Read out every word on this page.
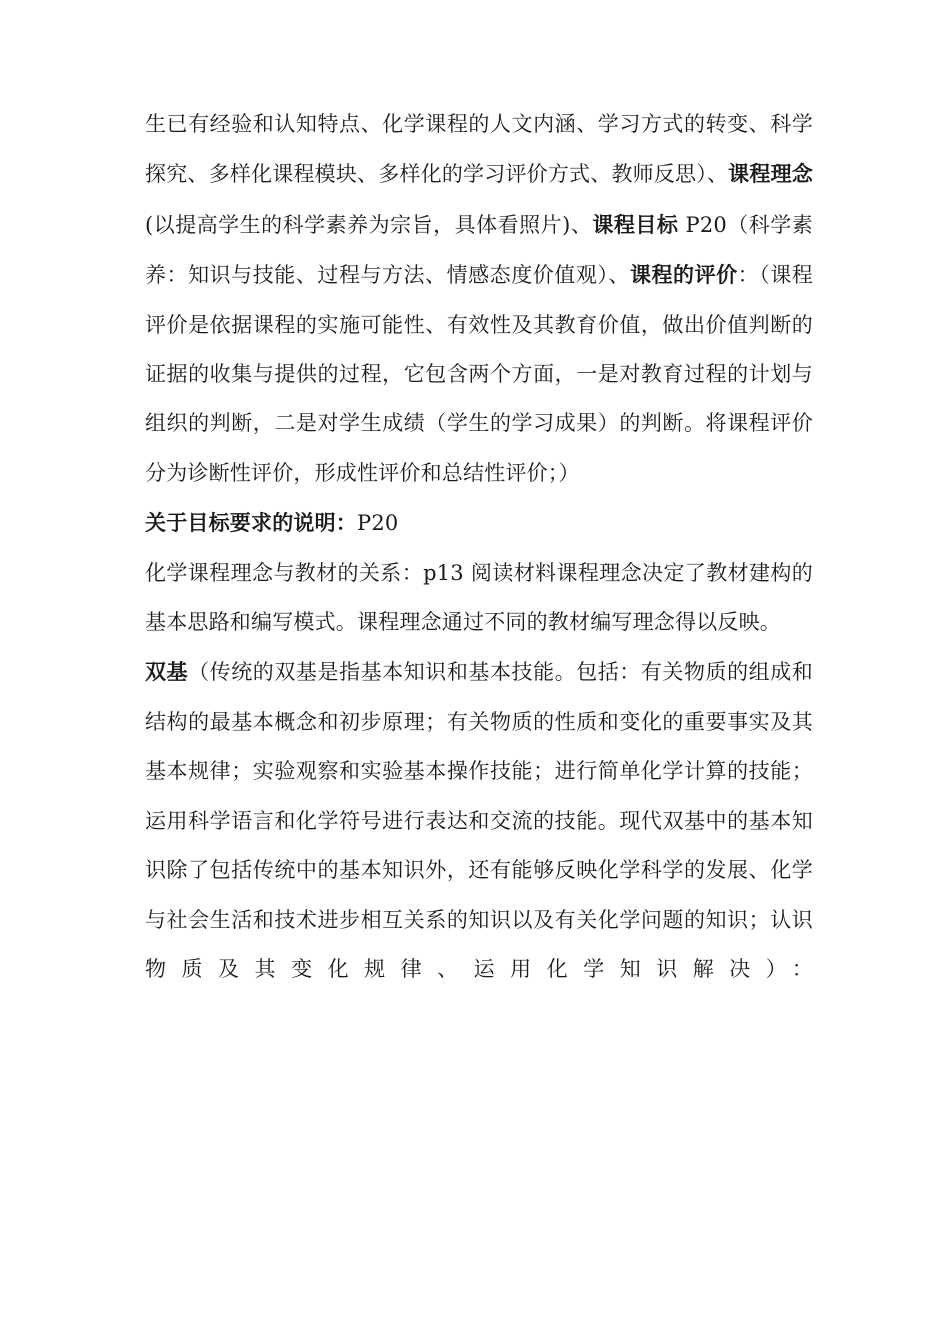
生已有经验和认知特点、化学课程的人文内涵、学习方式的转变、科学探究、多样化课程模块、多样化的学习评价方式、教师反思）、课程理念(以提高学生的科学素养为宗旨，具体看照片)、课程目标 P20（科学素养：知识与技能、过程与方法、情感态度价值观）、课程的评价：（课程评价是依据课程的实施可能性、有效性及其教育价值，做出价值判断的证据的收集与提供的过程，它包含两个方面，一是对教育过程的计划与组织的判断，二是对学生成绩（学生的学习成果）的判断。将课程评价分为诊断性评价，形成性评价和总结性评价；）

关于目标要求的说明：P20

化学课程理念与教材的关系：p13 阅读材料课程理念决定了教材建构的基本思路和编写模式。课程理念通过不同的教材编写理念得以反映。

双基（传统的双基是指基本知识和基本技能。包括：有关物质的组成和结构的最基本概念和初步原理；有关物质的性质和变化的重要事实及其基本规律；实验观察和实验基本操作技能；进行简单化学计算的技能；运用科学语言和化学符号进行表达和交流的技能。现代双基中的基本知识除了包括传统中的基本知识外，还有能够反映化学科学的发展、化学与社会生活和技术进步相互关系的知识以及有关化学问题的知识；认识物质及其变化规律、运用化学知识解决）：
